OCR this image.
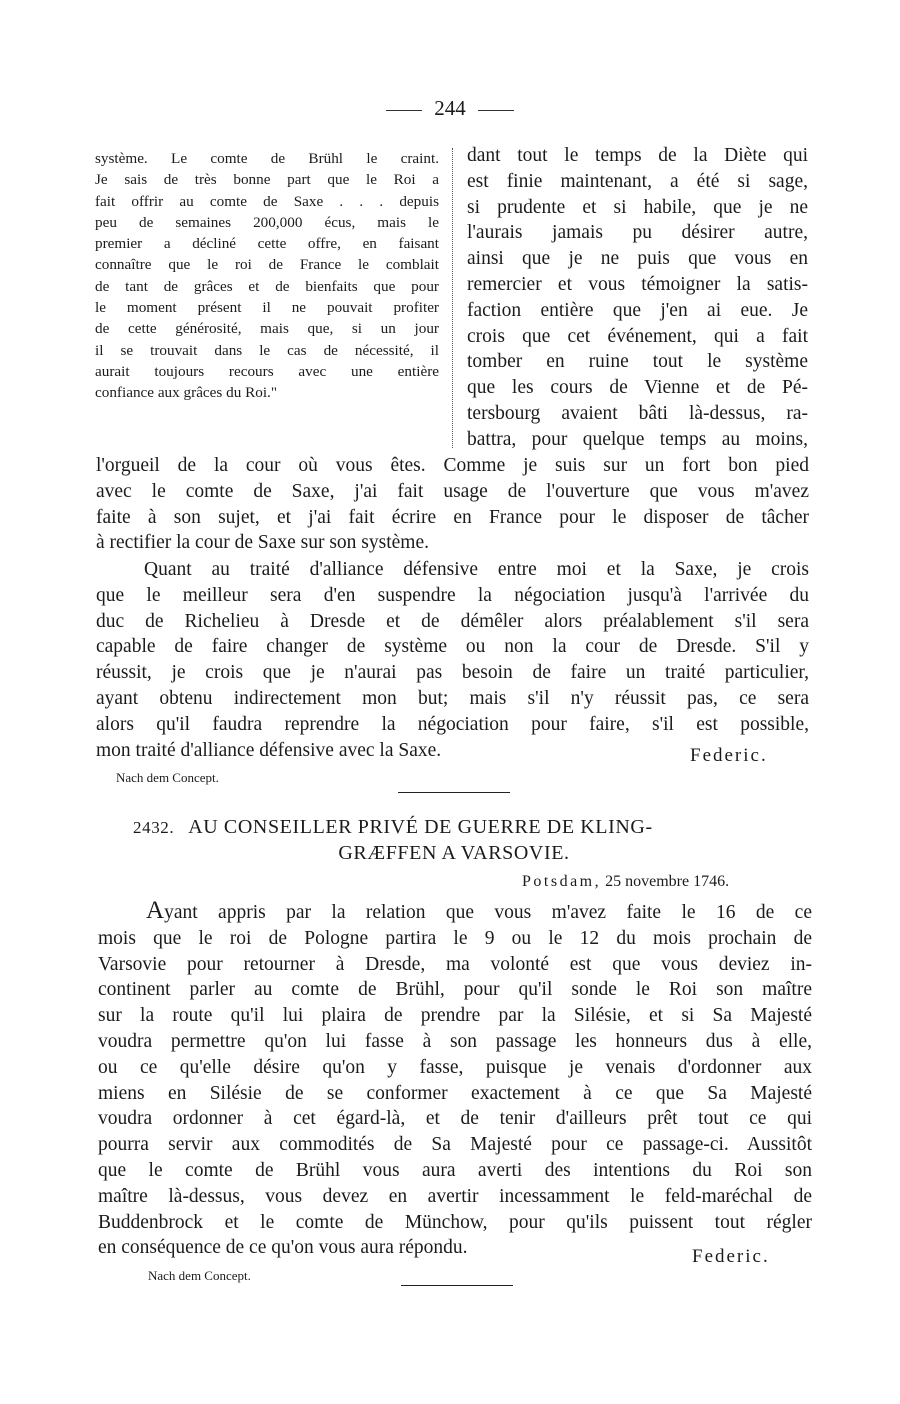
244
système. Le comte de Brühl le craint.
Je sais de très bonne part que le Roi a
fait offrir au comte de Saxe . . . depuis
peu de semaines 200,000 écus, mais le
premier a décliné cette offre, en faisant
connaître que le roi de France le comblait
de tant de grâces et de bienfaits que pour
le moment présent il ne pouvait profiter
de cette générosité, mais que, si un jour
il se trouvait dans le cas de nécessité, il
aurait toujours recours avec une entière
confiance aux grâces du Roi."
dant tout le temps de la Diète qui
est finie maintenant, a été si sage,
si prudente et si habile, que je ne
l'aurais jamais pu désirer autre,
ainsi que je ne puis que vous en
remercier et vous témoigner la satis-
faction entière que j'en ai eue. Je
crois que cet événement, qui a fait
tomber en ruine tout le système
que les cours de Vienne et de Pé-
tersbourg avaient bâti là-dessus, ra-
battra, pour quelque temps au moins,
l'orgueil de la cour où vous êtes. Comme je suis sur un fort bon pied
avec le comte de Saxe, j'ai fait usage de l'ouverture que vous m'avez
faite à son sujet, et j'ai fait écrire en France pour le disposer de tâcher
à rectifier la cour de Saxe sur son système.
Quant au traité d'alliance défensive entre moi et la Saxe, je crois
que le meilleur sera d'en suspendre la négociation jusqu'à l'arrivée du
duc de Richelieu à Dresde et de démêler alors préalablement s'il sera
capable de faire changer de système ou non la cour de Dresde. S'il y
réussit, je crois que je n'aurai pas besoin de faire un traité particulier,
ayant obtenu indirectement mon but; mais s'il n'y réussit pas, ce sera
alors qu'il faudra reprendre la négociation pour faire, s'il est possible,
mon traité d'alliance défensive avec la Saxe.	Federic.
Nach dem Concept.
2432. AU CONSEILLER PRIVÉ DE GUERRE DE KLING-
GRÆFFEN A VARSOVIE.
Potsdam, 25 novembre 1746.
Ayant appris par la relation que vous m'avez faite le 16 de ce
mois que le roi de Pologne partira le 9 ou le 12 du mois prochain de
Varsovie pour retourner à Dresde, ma volonté est que vous deviez in-
continent parler au comte de Brühl, pour qu'il sonde le Roi son maître
sur la route qu'il lui plaira de prendre par la Silésie, et si Sa Majesté
voudra permettre qu'on lui fasse à son passage les honneurs dus à elle,
ou ce qu'elle désire qu'on y fasse, puisque je venais d'ordonner aux
miens en Silésie de se conformer exactement à ce que Sa Majesté
voudra ordonner à cet égard-là, et de tenir d'ailleurs prêt tout ce qui
pourra servir aux commodités de Sa Majesté pour ce passage-ci. Aussitôt
que le comte de Brühl vous aura averti des intentions du Roi son
maître là-dessus, vous devez en avertir incessamment le feld-maréchal de
Buddenbrock et le comte de Münchow, pour qu'ils puissent tout régler
en conséquence de ce qu'on vous aura répondu.	Federic.
Nach dem Concept.
